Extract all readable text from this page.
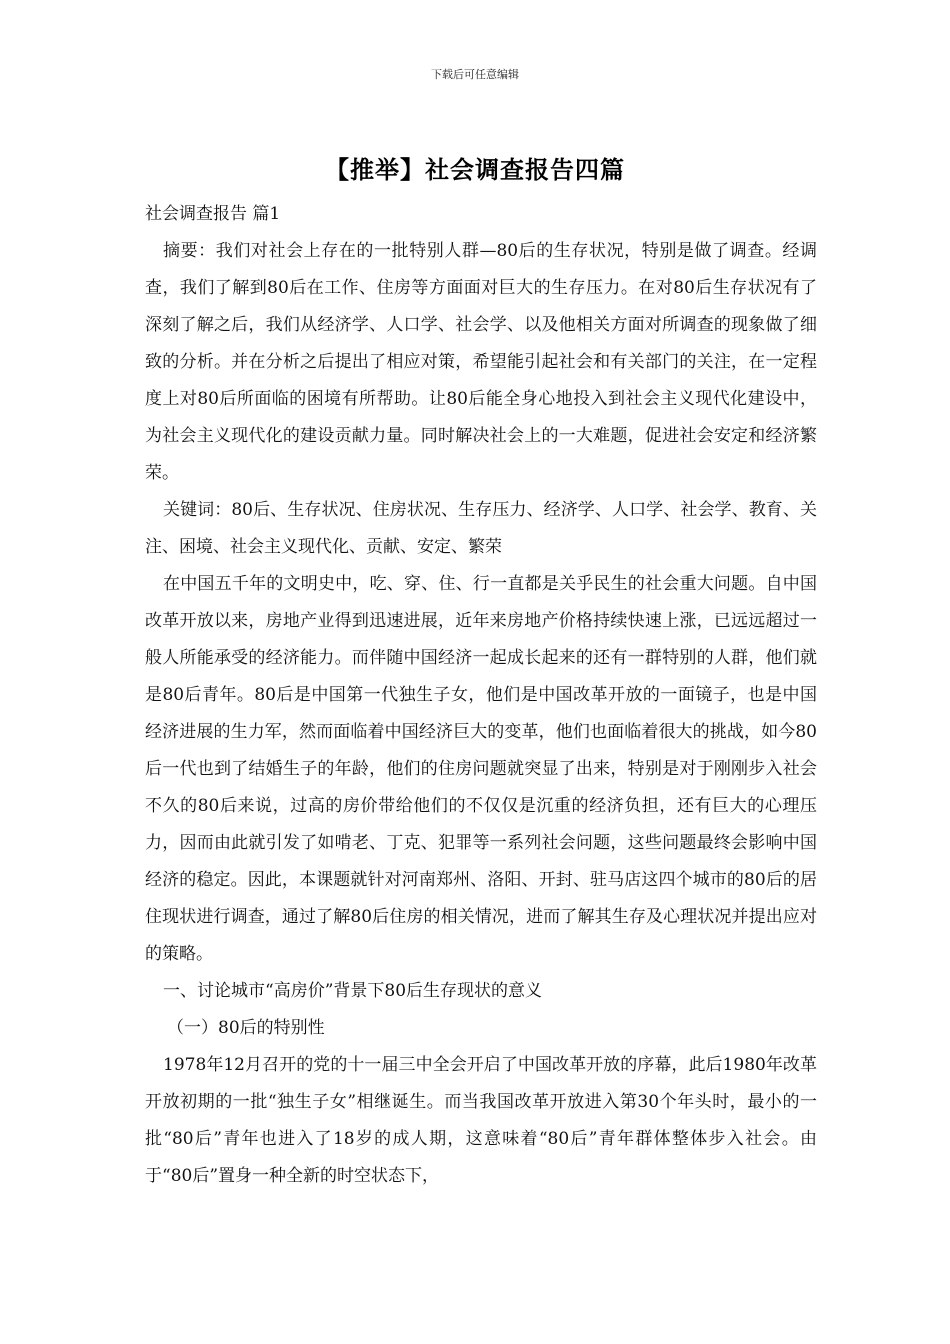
下载后可任意编辑
【推举】社会调查报告四篇

社会调查报告 篇1

摘要：我们对社会上存在的一批特别人群—80后的生存状况，特别是做了调查。经调查，我们了解到80后在工作、住房等方面面对巨大的生存压力。在对80后生存状况有了深刻了解之后，我们从经济学、人口学、社会学、以及他相关方面对所调查的现象做了细致的分析。并在分析之后提出了相应对策，希望能引起社会和有关部门的关注，在一定程度上对80后所面临的困境有所帮助。让80后能全身心地投入到社会主义现代化建设中，为社会主义现代化的建设贡献力量。同时解决社会上的一大难题，促进社会安定和经济繁荣。

关键词：80后、生存状况、住房状况、生存压力、经济学、人口学、社会学、教育、关注、困境、社会主义现代化、贡献、安定、繁荣

在中国五千年的文明史中，吃、穿、住、行一直都是关乎民生的社会重大问题。自中国改革开放以来，房地产业得到迅速进展，近年来房地产价格持续快速上涨，已远远超过一般人所能承受的经济能力。而伴随中国经济一起成长起来的还有一群特别的人群，他们就是80后青年。80后是中国第一代独生子女，他们是中国改革开放的一面镜子，也是中国经济进展的生力军，然而面临着中国经济巨大的变革，他们也面临着很大的挑战，如今80后一代也到了结婚生子的年龄，他们的住房问题就突显了出来，特别是对于刚刚步入社会不久的80后来说，过高的房价带给他们的不仅仅是沉重的经济负担，还有巨大的心理压力，因而由此就引发了如啃老、丁克、犯罪等一系列社会问题，这些问题最终会影响中国经济的稳定。因此，本课题就针对河南郑州、洛阳、开封、驻马店这四个城市的80后的居住现状进行调查，通过了解80后住房的相关情况，进而了解其生存及心理状况并提出应对的策略。

一、讨论城市“高房价”背景下80后生存现状的意义

（一）80后的特别性

1978年12月召开的党的十一届三中全会开启了中国改革开放的序幕，此后1980年改革开放初期的一批“独生子女”相继诞生。而当我国改革开放进入第30个年头时，最小的一批“80后”青年也进入了18岁的成人期，这意味着“80后”青年群体整体步入社会。由于“80后”置身一种全新的时空状态下，
